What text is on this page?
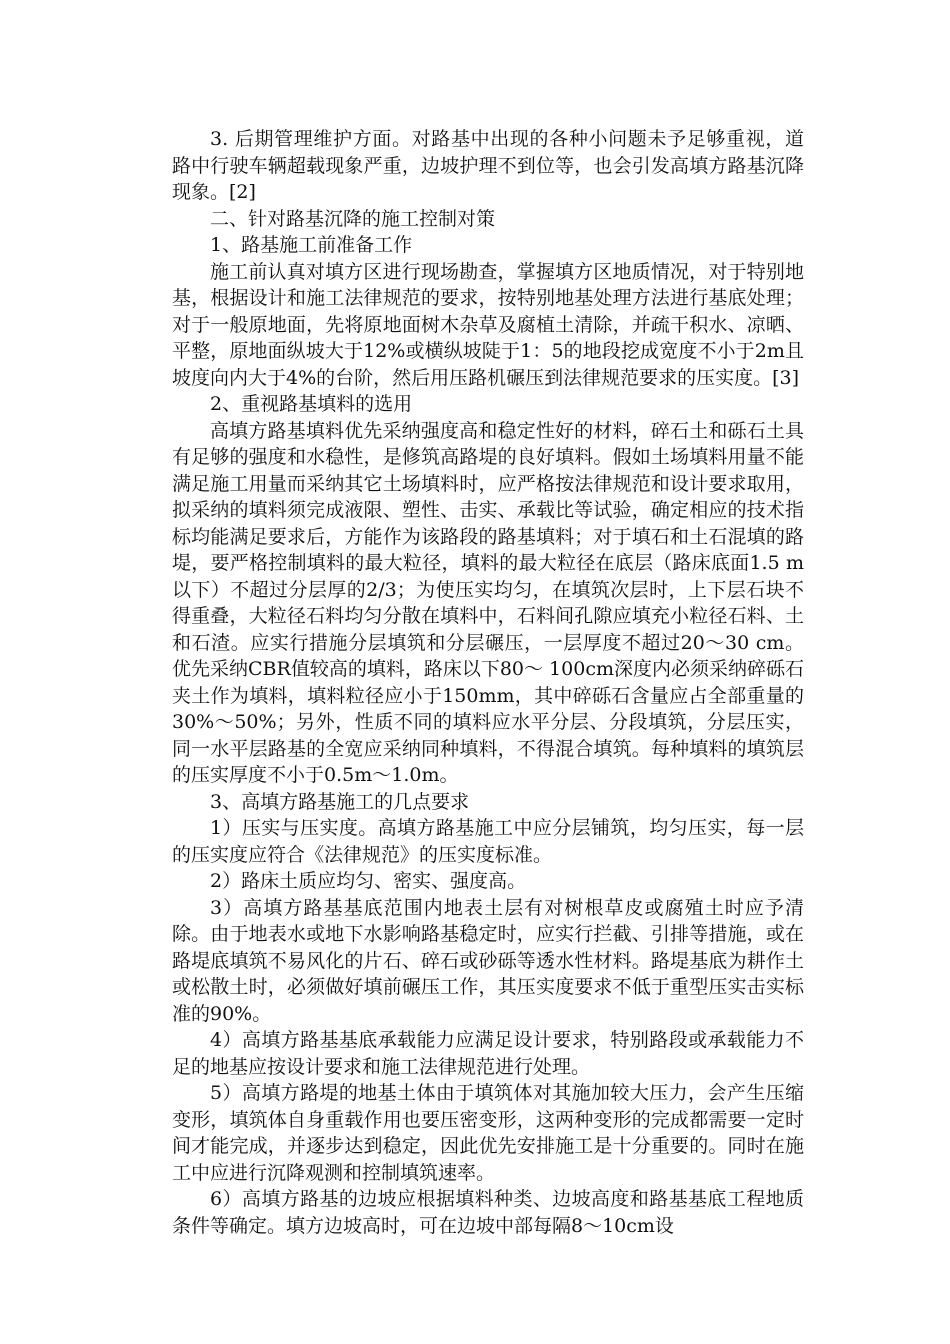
3. 后期管理维护方面。对路基中出现的各种小问题未予足够重视，道路中行驶车辆超载现象严重，边坡护理不到位等，也会引发高填方路基沉降现象。[2]

二、针对路基沉降的施工控制对策

1、路基施工前准备工作

施工前认真对填方区进行现场勘查，掌握填方区地质情况，对于特别地基，根据设计和施工法律规范的要求，按特别地基处理方法进行基底处理；对于一般原地面，先将原地面树木杂草及腐植土清除，并疏干积水、凉晒、平整，原地面纵坡大于12%或横纵坡陡于1：5的地段挖成宽度不小于2m且坡度向内大于4%的台阶，然后用压路机碾压到法律规范要求的压实度。[3]

2、重视路基填料的选用

高填方路基填料优先采纳强度高和稳定性好的材料，碎石土和砾石土具有足够的强度和水稳性，是修筑高路堤的良好填料。假如土场填料用量不能满足施工用量而采纳其它土场填料时，应严格按法律规范和设计要求取用，拟采纳的填料须完成液限、塑性、击实、承载比等试验，确定相应的技术指标均能满足要求后，方能作为该路段的路基填料；对于填石和土石混填的路堤，要严格控制填料的最大粒径，填料的最大粒径在底层（路床底面1.5 m以下）不超过分层厚的2/3；为使压实均匀，在填筑次层时，上下层石块不得重叠，大粒径石料均匀分散在填料中，石料间孔隙应填充小粒径石料、土和石渣。应实行措施分层填筑和分层碾压，一层厚度不超过20～30 cm。优先采纳CBR值较高的填料，路床以下80～ 100cm深度内必须采纳碎砾石夹土作为填料，填料粒径应小于150mm，其中碎砾石含量应占全部重量的30%～50%；另外，性质不同的填料应水平分层、分段填筑，分层压实，同一水平层路基的全宽应采纳同种填料，不得混合填筑。每种填料的填筑层的压实厚度不小于0.5m～1.0m。

3、高填方路基施工的几点要求

1）压实与压实度。高填方路基施工中应分层铺筑，均匀压实，每一层的压实度应符合《法律规范》的压实度标准。

2）路床土质应均匀、密实、强度高。

3）高填方路基基底范围内地表土层有对树根草皮或腐殖土时应予清除。由于地表水或地下水影响路基稳定时，应实行拦截、引排等措施，或在路堤底填筑不易风化的片石、碎石或砂砾等透水性材料。路堤基底为耕作土或松散土时，必须做好填前碾压工作，其压实度要求不低于重型压实击实标准的90%。

4）高填方路基基底承载能力应满足设计要求，特别路段或承载能力不足的地基应按设计要求和施工法律规范进行处理。

5）高填方路堤的地基土体由于填筑体对其施加较大压力，会产生压缩变形，填筑体自身重载作用也要压密变形，这两种变形的完成都需要一定时间才能完成，并逐步达到稳定，因此优先安排施工是十分重要的。同时在施工中应进行沉降观测和控制填筑速率。

6）高填方路基的边坡应根据填料种类、边坡高度和路基基底工程地质条件等确定。填方边坡高时，可在边坡中部每隔8～10cm设
